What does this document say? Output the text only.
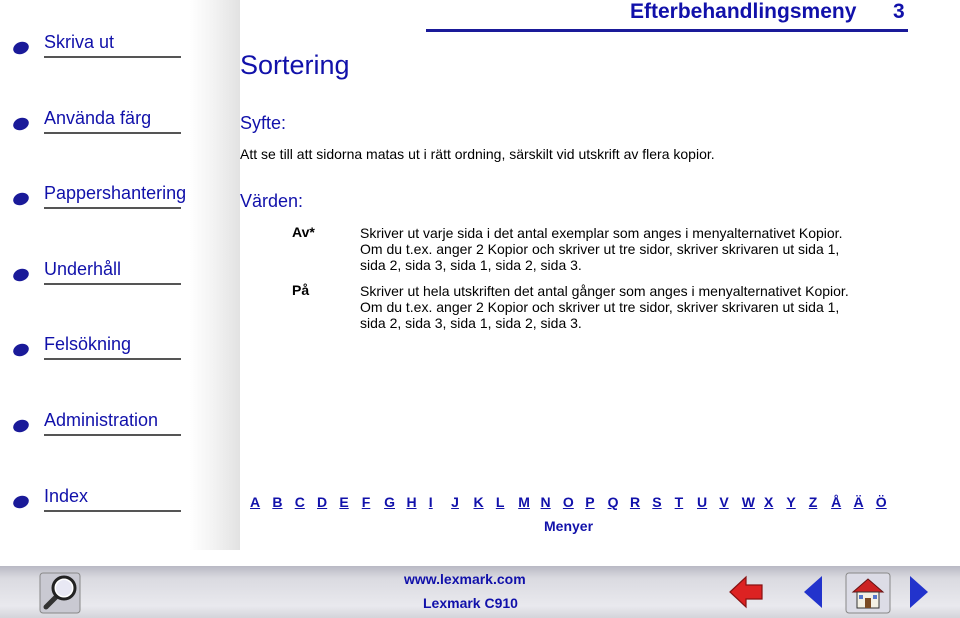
Skriva ut
Använda färg
Pappershantering
Underhåll
Felsökning
Administration
Index
Efterbehandlingsmeny 3
Sortering
Syfte:
Att se till att sidorna matas ut i rätt ordning, särskilt vid utskrift av flera kopior.
Värden:
Av*	Skriver ut varje sida i det antal exemplar som anges i menyalternativet Kopior.
Om du t.ex. anger 2 Kopior och skriver ut tre sidor, skriver skrivaren ut sida 1,
sida 2, sida 3, sida 1, sida 2, sida 3.
På	Skriver ut hela utskriften det antal gånger som anges i menyalternativet Kopior.
Om du t.ex. anger 2 Kopior och skriver ut tre sidor, skriver skrivaren ut sida 1,
sida 2, sida 3, sida 1, sida 2, sida 3.
A B C D E F G H I J K L M N O P Q R S T U V W X Y Z Å Ä Ö
Menyer
www.lexmark.com
Lexmark C910
